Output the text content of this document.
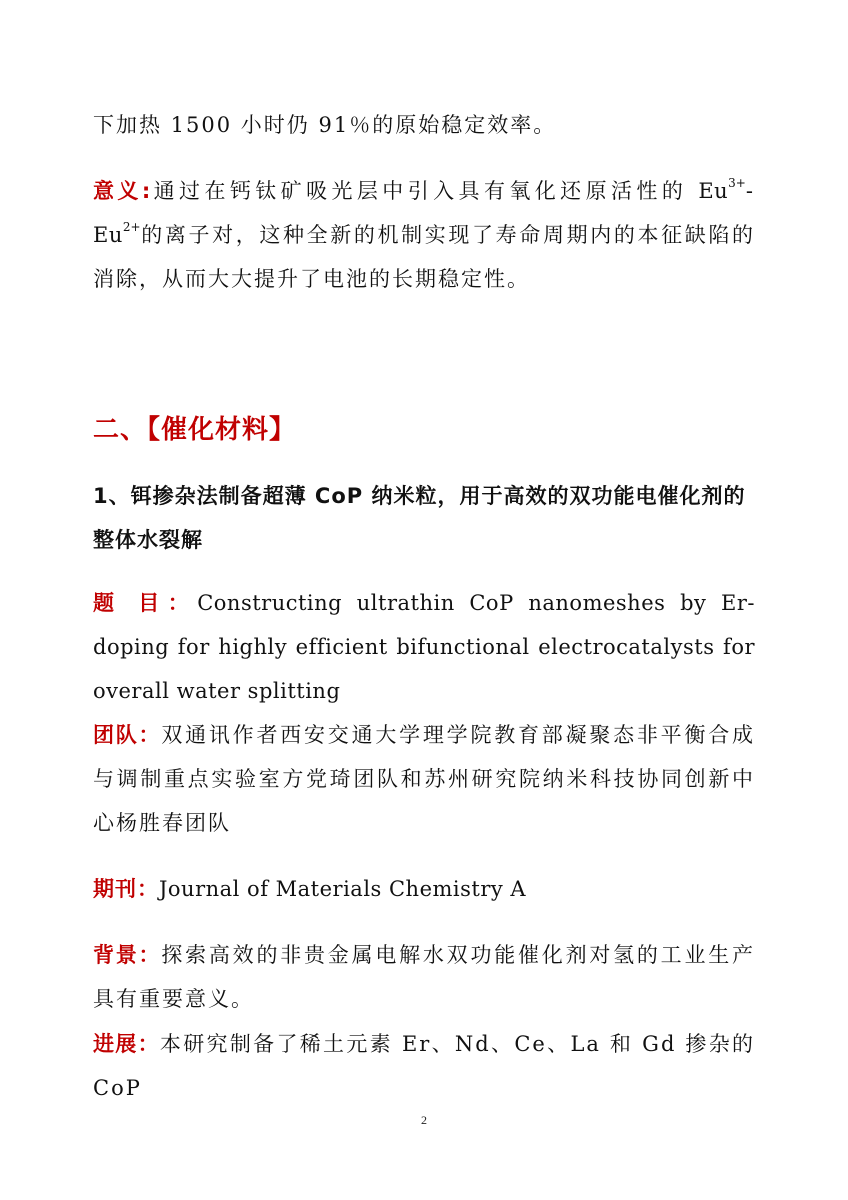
下加热 1500 小时仍 91％的原始稳定效率。

意义:通过在钙钛矿吸光层中引入具有氧化还原活性的 $Eu^{3+}-Eu^{2+}$的离子对，这种全新的机制实现了寿命周期内的本征缺陷的消除，从而大大提升了电池的长期稳定性。

二、【催化材料】
1、铒掺杂法制备超薄 CoP 纳米粒，用于高效的双功能电催化剂的整体水裂解

题 目：Constructing ultrathin CoP nanomeshes by Er-doping for highly efficient bifunctional electrocatalysts for overall water splitting

团队：双通讯作者西安交通大学理学院教育部凝聚态非平衡合成与调制重点实验室方党琦团队和苏州研究院纳米科技协同创新中心杨胜春团队

期刊：Journal of Materials Chemistry A

背景：探索高效的非贵金属电解水双功能催化剂对氢的工业生产具有重要意义。

进展：本研究制备了稀土元素 Er、Nd、Ce、La 和 Gd 掺杂的 CoP

2
